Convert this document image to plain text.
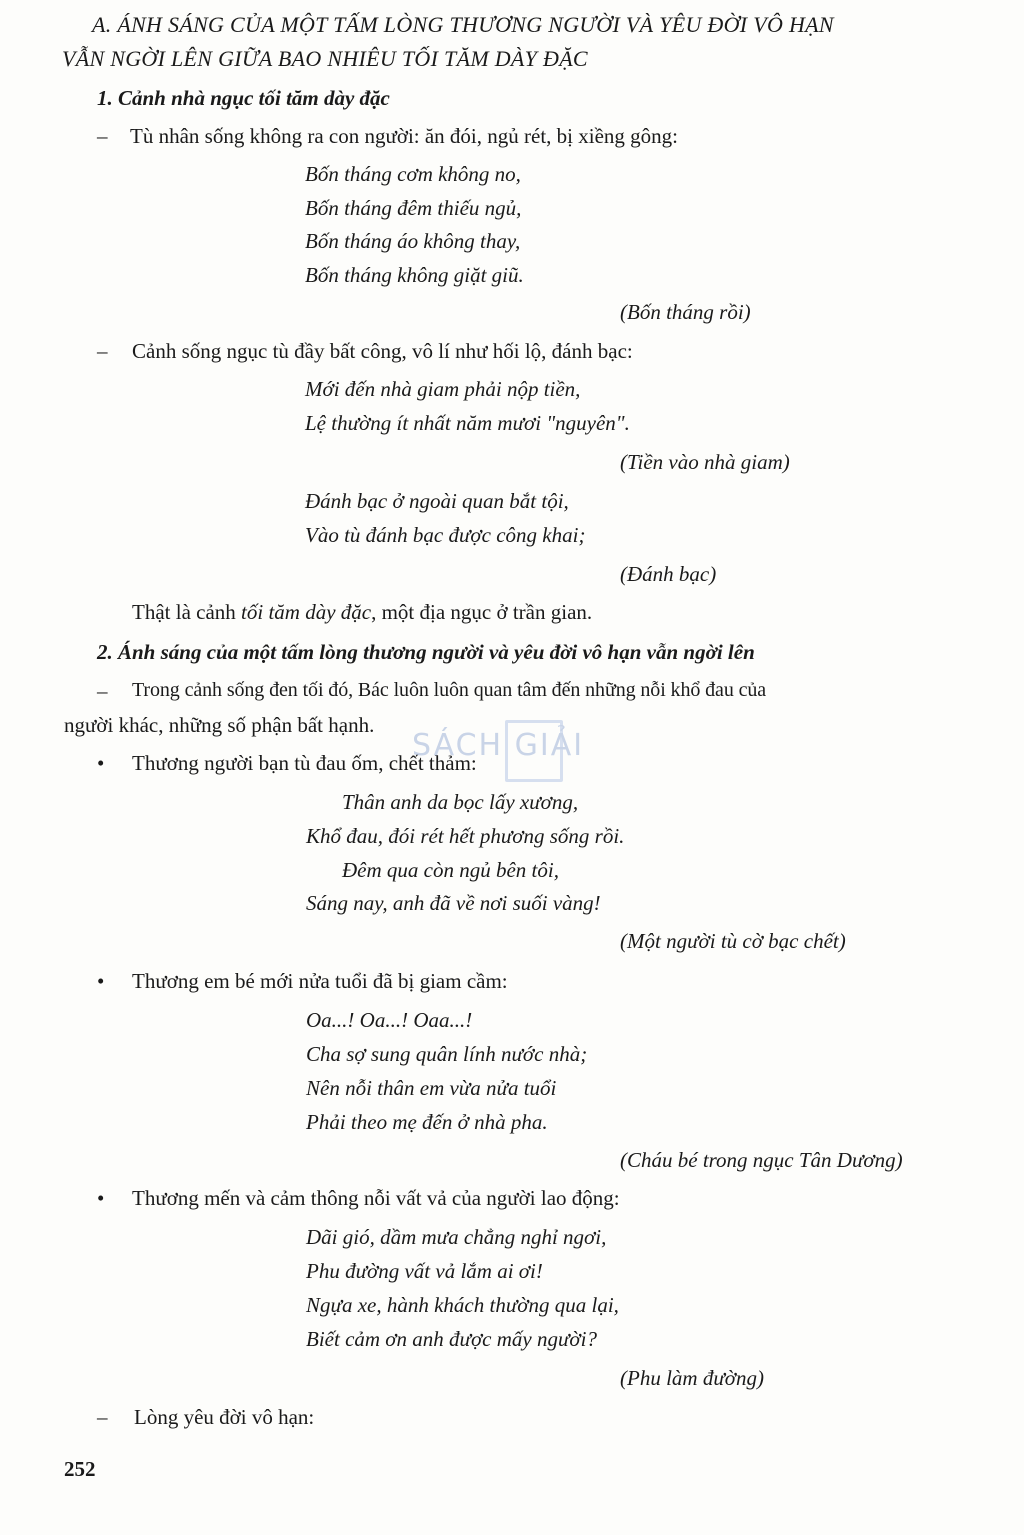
A. ÁNH SÁNG CỦA MỘT TẤM LÒNG THƯƠNG NGƯỜI VÀ YÊU ĐỜI VÔ HẠN
VẪN NGỜI LÊN GIỮA BAO NHIÊU TỐI TĂM DÀY ĐẶC
1. Cảnh nhà ngục tối tăm dày đặc
– Tù nhân sống không ra con người: ăn đói, ngủ rét, bị xiềng gông:
Bốn tháng cơm không no,
Bốn tháng đêm thiếu ngủ,
Bốn tháng áo không thay,
Bốn tháng không giặt giũ.
(Bốn tháng rồi)
– Cảnh sống ngục tù đầy bất công, vô lí như hối lộ, đánh bạc:
Mới đến nhà giam phải nộp tiền,
Lệ thường ít nhất năm mươi "nguyên".
(Tiền vào nhà giam)
Đánh bạc ở ngoài quan bắt tội,
Vào tù đánh bạc được công khai;
(Đánh bạc)
Thật là cảnh tối tăm dày đặc, một địa ngục ở trần gian.
2. Ánh sáng của một tấm lòng thương người và yêu đời vô hạn vẫn ngời lên
– Trong cảnh sống đen tối đó, Bác luôn luôn quan tâm đến những nỗi khổ đau của
người khác, những số phận bất hạnh.
• Thương người bạn tù đau ốm, chết thảm:
Thân anh da bọc lấy xương,
Khổ đau, đói rét hết phương sống rồi.
Đêm qua còn ngủ bên tôi,
Sáng nay, anh đã về nơi suối vàng!
(Một người tù cờ bạc chết)
• Thương em bé mới nửa tuổi đã bị giam cầm:
Oa...! Oa...! Oaa...!
Cha sợ sung quân lính nước nhà;
Nên nỗi thân em vừa nửa tuổi
Phải theo mẹ đến ở nhà pha.
(Cháu bé trong ngục Tân Dương)
• Thương mến và cảm thông nỗi vất vả của người lao động:
Dãi gió, dầm mưa chẳng nghỉ ngơi,
Phu đường vất vả lắm ai ơi!
Ngựa xe, hành khách thường qua lại,
Biết cảm ơn anh được mấy người?
(Phu làm đường)
– Lòng yêu đời vô hạn:
252
SÁCH GIẢI
